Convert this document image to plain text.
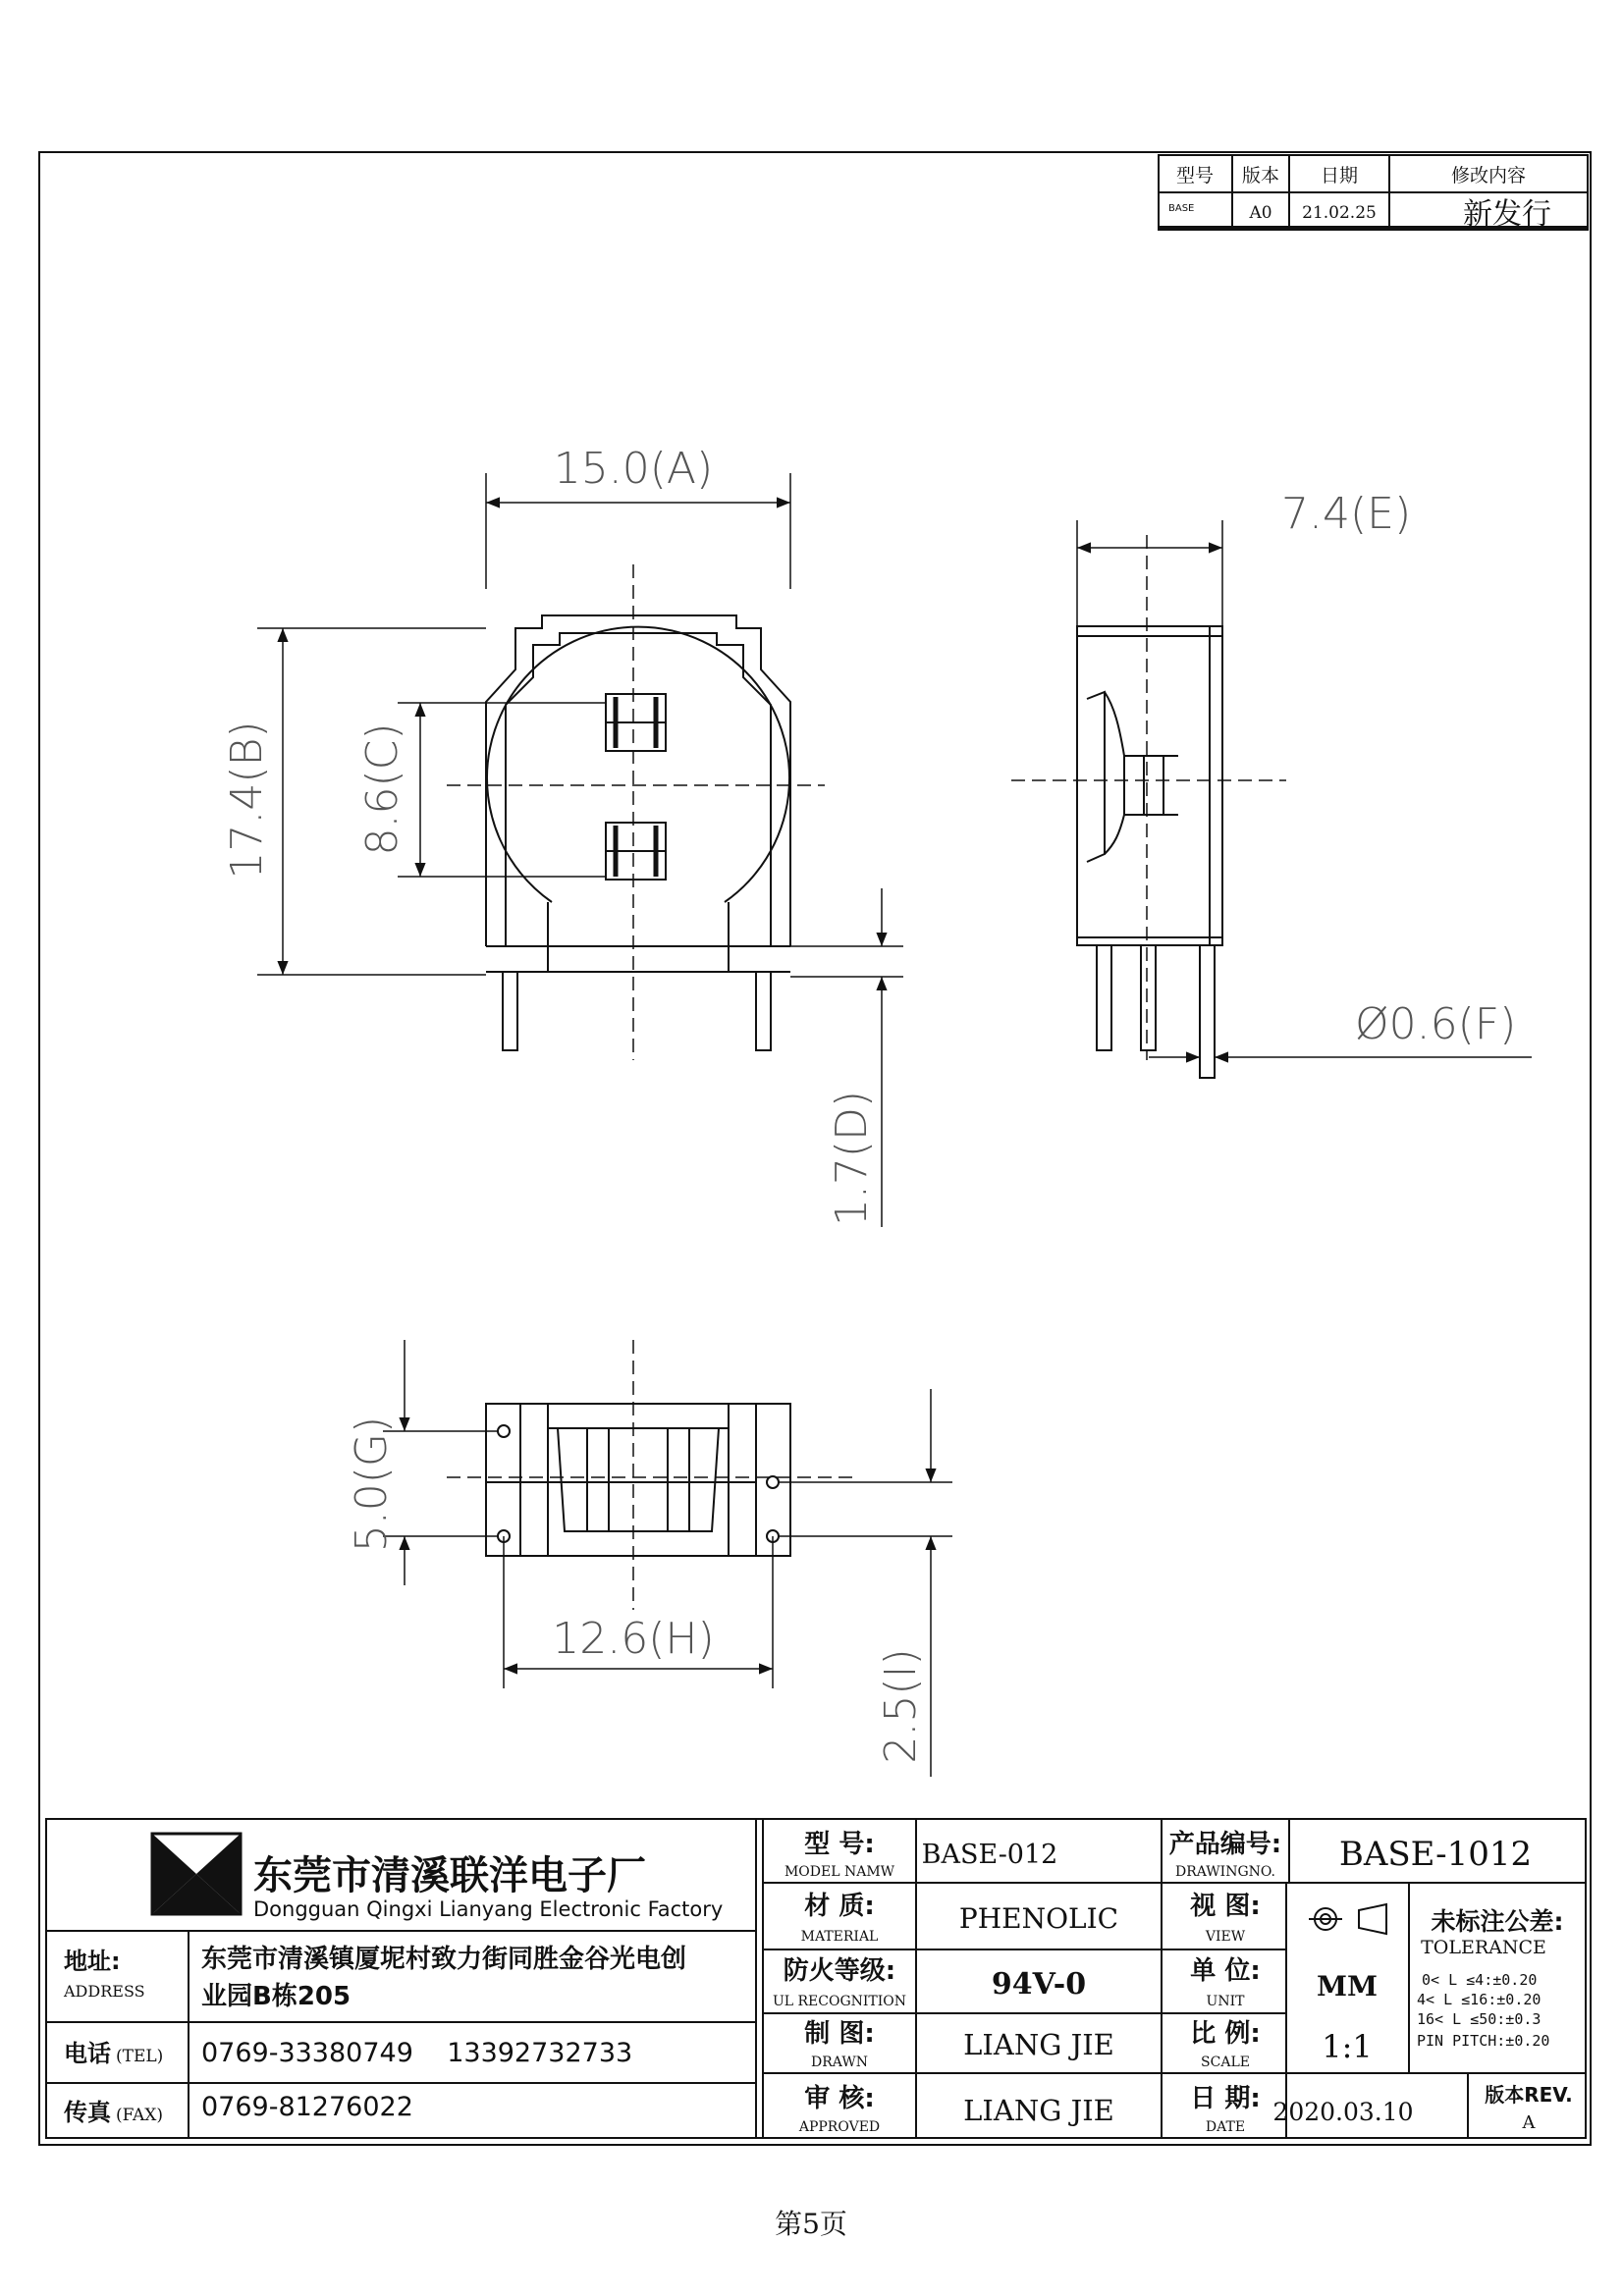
型号 版本 日期	修改内容
BASE	A0 21.02.25	新发行
15.0(A)
17.4(B) 8.6(C)
1.7(D)
7.4(E)
Ø0.6(F)
5.0(G)
12.6(H)
2.5(I)
东莞市清溪联洋电子厂
Dongguan Qingxi Lianyang Electronic Factory
地址:
ADDRESS
东莞市清溪镇厦坭村致力街同胜金谷光电创
业园B栋205
电话 (TEL) 0769-33380749    13392732733
传真 (FAX) 0769-81276022
型 号:
MODEL NAMW
BASE-012
材 质:
MATERIAL
PHENOLIC
防火等级:
UL RECOGNITION	94V-0
制 图:
DRAWN
LIANG JIE
审 核:
APPROVED	LIANG JIE
产品编号:
DRAWINGNO. BASE-1012
视 图:
VIEW
单 位:
UNIT	MM
比 例:
SCALE 1:1
日 期:
DATE
2020.03.10
未标注公差:
TOLERANCE
0< L ≤4:±0.20
4< L ≤16:±0.20
16< L ≤50:±0.3
PIN PITCH:±0.20
版本REV.
A
第5页
